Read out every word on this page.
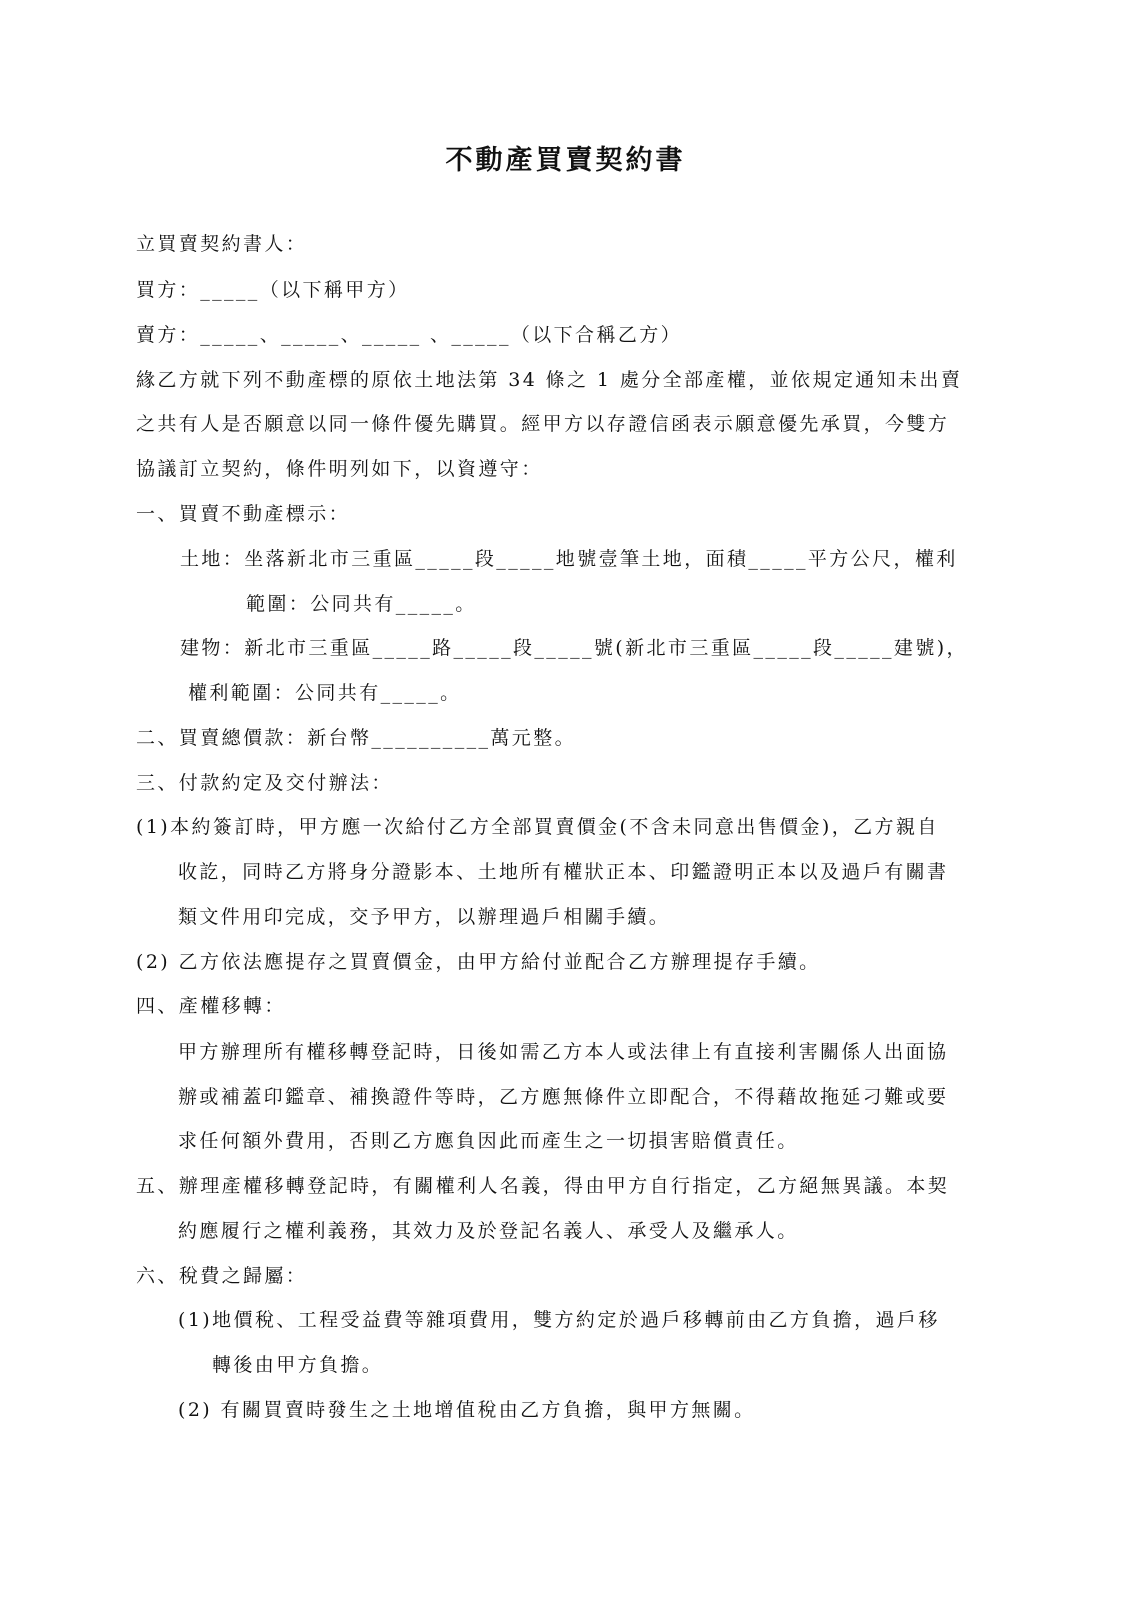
不動產買賣契約書
立買賣契約書人：
買方：_____（以下稱甲方）
賣方：_____、_____、_____ 、_____（以下合稱乙方）
緣乙方就下列不動產標的原依土地法第 34 條之 1 處分全部產權，並依規定通知未出賣
之共有人是否願意以同一條件優先購買。經甲方以存證信函表示願意優先承買，今雙方
協議訂立契約，條件明列如下，以資遵守：
一、買賣不動產標示：
土地：坐落新北市三重區_____段_____地號壹筆土地，面積_____平方公尺，權利
範圍：公同共有_____。
建物：新北市三重區_____路_____段_____號(新北市三重區_____段_____建號)，
權利範圍：公同共有_____。
二、買賣總價款：新台幣__________萬元整。
三、付款約定及交付辦法：
(1)本約簽訂時，甲方應一次給付乙方全部買賣價金(不含未同意出售價金)，乙方親自
收訖，同時乙方將身分證影本、土地所有權狀正本、印鑑證明正本以及過戶有關書
類文件用印完成，交予甲方，以辦理過戶相關手續。
(2) 乙方依法應提存之買賣價金，由甲方給付並配合乙方辦理提存手續。
四、產權移轉：
甲方辦理所有權移轉登記時，日後如需乙方本人或法律上有直接利害關係人出面協
辦或補蓋印鑑章、補換證件等時，乙方應無條件立即配合，不得藉故拖延刁難或要
求任何額外費用，否則乙方應負因此而產生之一切損害賠償責任。
五、辦理產權移轉登記時，有關權利人名義，得由甲方自行指定，乙方絕無異議。本契
約應履行之權利義務，其效力及於登記名義人、承受人及繼承人。
六、稅費之歸屬：
(1)地價稅、工程受益費等雜項費用，雙方約定於過戶移轉前由乙方負擔，過戶移
轉後由甲方負擔。
(2) 有關買賣時發生之土地增值稅由乙方負擔，與甲方無關。
